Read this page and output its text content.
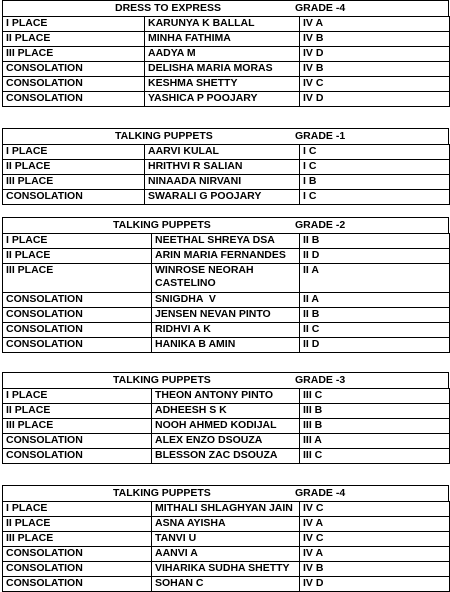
DRESS TO EXPRESS	GRADE -4
I PLACE	KARUNYA K BALLAL	IV A
II PLACE	MINHA FATHIMA	IV B
III PLACE	AADYA M	IV D
CONSOLATION	DELISHA MARIA MORAS	IV B
CONSOLATION	KESHMA SHETTY	IV C
CONSOLATION	YASHICA P POOJARY	IV D
TALKING PUPPETS	GRADE -1
I PLACE	AARVI KULAL	I C
II PLACE	HRITHVI R SALIAN	I C
III PLACE	NINAADA NIRVANI	I B
CONSOLATION	SWARALI G POOJARY	I C
TALKING PUPPETS	GRADE -2
I PLACE	NEETHAL SHREYA DSA	II B
II PLACE	ARIN MARIA FERNANDES	II D
III PLACE	WINROSE NEORAH CASTELINO	II A
CONSOLATION	SNIGDHA  V	II A
CONSOLATION	JENSEN NEVAN PINTO	II B
CONSOLATION	RIDHVI A K	II C
CONSOLATION	HANIKA B AMIN	II D
TALKING PUPPETS	GRADE -3
I PLACE	THEON ANTONY PINTO	III C
II PLACE	ADHEESH S K	III B
III PLACE	NOOH AHMED KODIJAL	III B
CONSOLATION	ALEX ENZO DSOUZA	III A
CONSOLATION	BLESSON ZAC DSOUZA	III C
TALKING PUPPETS	GRADE -4
I PLACE	MITHALI SHLAGHYAN JAIN	IV C
II PLACE	ASNA AYISHA	IV A
III PLACE	TANVI U	IV C
CONSOLATION	AANVI A	IV A
CONSOLATION	VIHARIKA SUDHA SHETTY	IV B
CONSOLATION	SOHAN C	IV D
